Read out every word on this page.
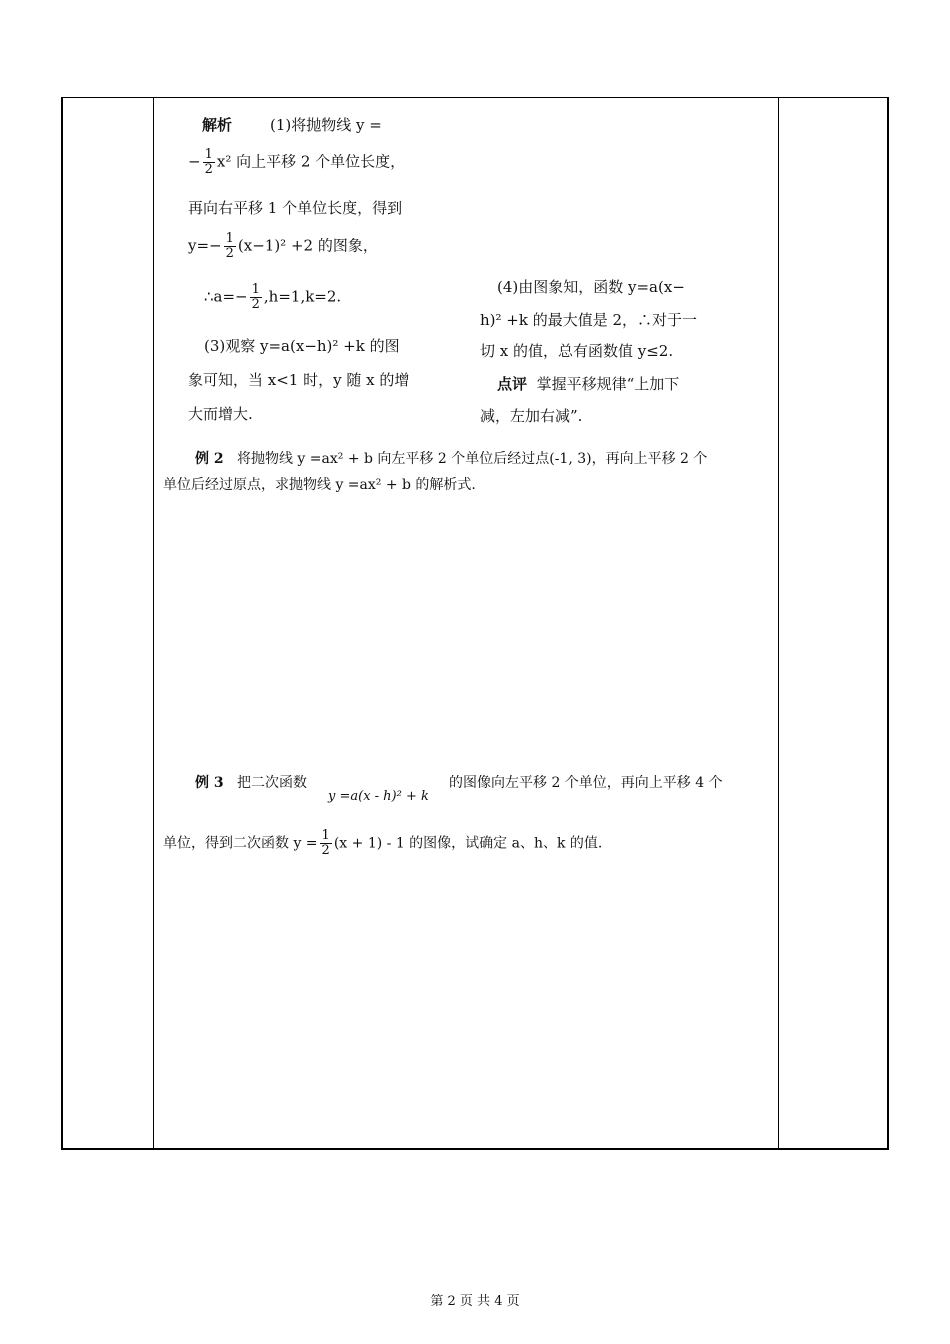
解析	(1)将抛物线 y =
− $\frac{1}{2} x^2$ 向上平移 2 个单位长度，
再向右平移 1 个单位长度，得到
$y=- \frac{1}{2} (x-1)^2 +2$ 的图象，
∴a=− $\frac{1}{2} ,h=1,k=2$.
(3)观察 y=a(x−h)² +k 的图
象可知，当 x<1 时，y 随 x 的增
大而增大.
(4)由图象知，函数 y=a(x−
h)² +k 的最大值是 2，∴对于一
切 x 的值，总有函数值 y≤2.
点评 掌握平移规律“上加下
减，左加右减”.
例 2 将抛物线 y =ax² + b 向左平移 2 个单位后经过点(-1, 3)，再向上平移 2 个
单位后经过原点，求抛物线 y =ax² + b 的解析式.
例 3 把二次函数
y =a(x - h)² + k
的图像向左平移 2 个单位，再向上平移 4 个
单位，得到二次函数 $y = \frac{1}{2} (x + 1) - 1$ 的图像，试确定 a、h、k 的值.
第 2 页 共 4 页
